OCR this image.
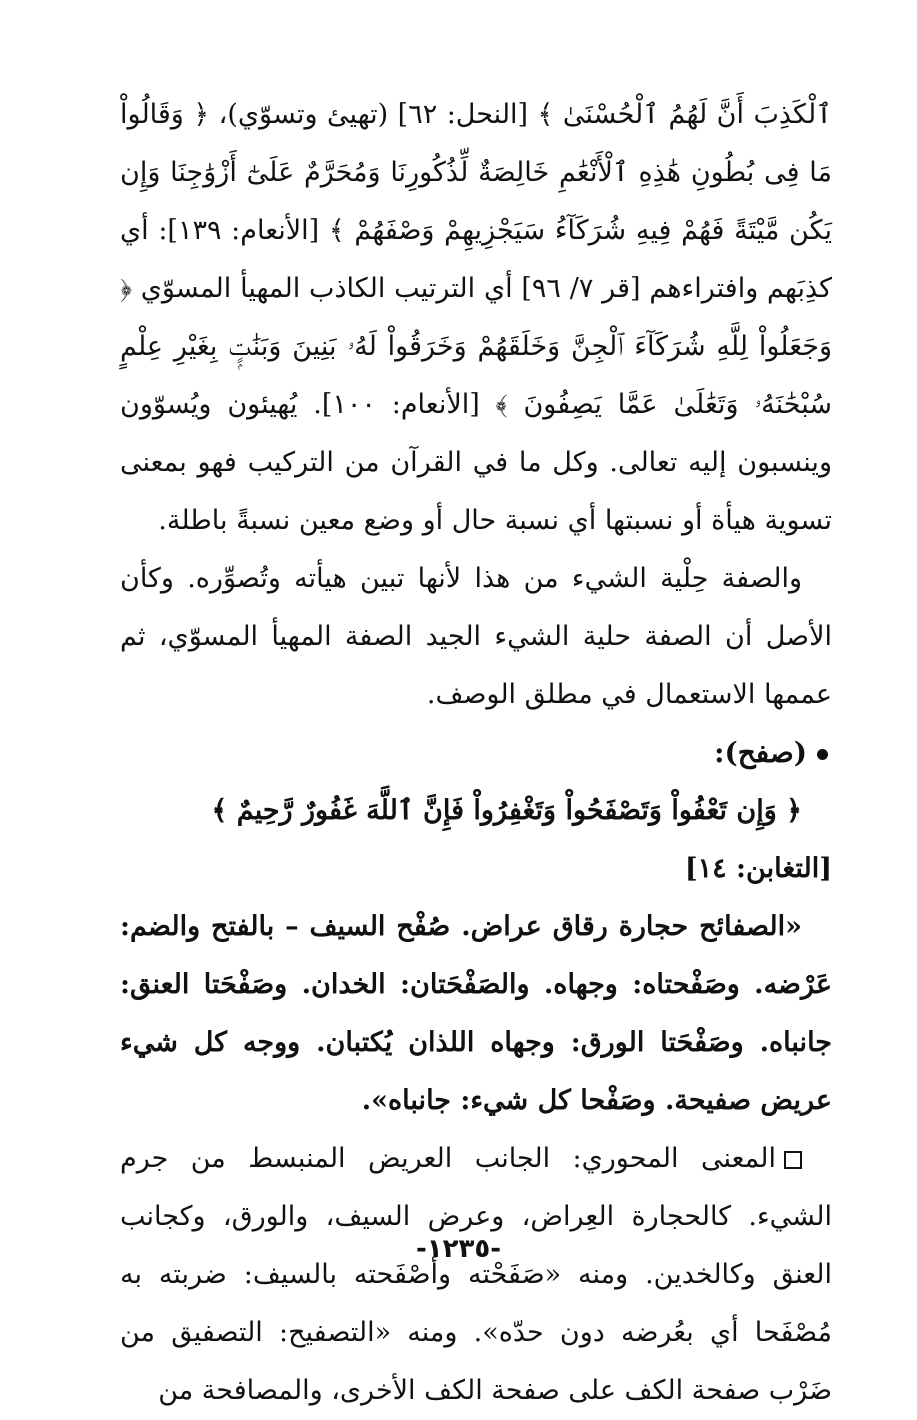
ٱلْكَذِبَ أَنَّ لَهُمُ ٱلْحُسْنَىٰ ﴾ [النحل: ٦٢] (تهيئ وتسوّي)، ﴿ وَقَالُواْ مَا فِى بُطُونِ هَٰذِهِ ٱلْأَنْعَٰمِ خَالِصَةٌ لِّذُكُورِنَا وَمُحَرَّمٌ عَلَىٰٓ أَزْوَٰجِنَا وَإِن يَكُن مَّيْتَةً فَهُمْ فِيهِ شُرَكَآءُ سَيَجْزِيهِمْ وَصْفَهُمْ ﴾ [الأنعام: ١٣٩]: أي كذِبَهم وافتراءهم [قر ٧/ ٩٦] أي الترتيب الكاذب المهيأ المسوّي ﴿ وَجَعَلُواْ لِلَّهِ شُرَكَآءَ ٱلْجِنَّ وَخَلَقَهُمْ وَخَرَقُواْ لَهُۥ بَنِينَ وَبَنَٰتٍۭ بِغَيْرِ عِلْمٍ سُبْحَٰنَهُۥ وَتَعَٰلَىٰ عَمَّا يَصِفُونَ ﴾ [الأنعام: ١٠٠]. يُهيئون ويُسوّون وينسبون إليه تعالى. وكل ما في القرآن من التركيب فهو بمعنى تسوية هيأة أو نسبتها أي نسبة حال أو وضع معين نسبةً باطلة.

والصفة حِلْية الشيء من هذا لأنها تبين هيأته وتُصوِّره. وكأن الأصل أن الصفة حلية الشيء الجيد الصفة المهيأ المسوّي، ثم عممها الاستعمال في مطلق الوصف.

(صفح):

﴿ وَإِن تَعْفُواْ وَتَصْفَحُواْ وَتَغْفِرُواْ فَإِنَّ ٱللَّهَ غَفُورٌ رَّحِيمٌ ﴾ [التغابن: ١٤]

«الصفائح حجارة رقاق عراض. صُفْح السيف – بالفتح والضم: عَرْضه. وصَفْحتاه: وجهاه. والصَفْحَتان: الخدان. وصَفْحَتا العنق: جانباه. وصَفْحَتا الورق: وجهاه اللذان يُكتبان. ووجه كل شيء عريض صفيحة. وصَفْحا كل شيء: جانباه».

المعنى المحوري: الجانب العريض المنبسط من جرم الشيء. كالحجارة العِراض، وعرض السيف، والورق، وكجانب العنق وكالخدين. ومنه «صَفَحْته وأصْفَحته بالسيف: ضربته به مُصْفَحا أي بعُرضه دون حدّه». ومنه «التصفيح: التصفيق من ضَرْب صفحة الكف على صفحة الكف الأخرى، والمصافحة من

-١٢٣٥-
